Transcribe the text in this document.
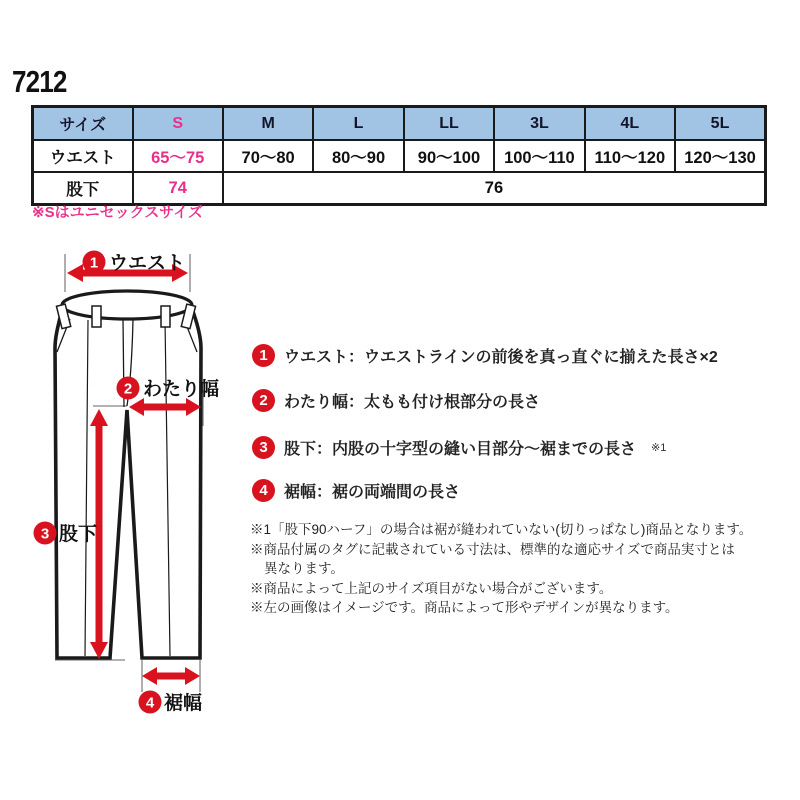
7212
サイズ	S	M	L	LL	3L	4L	5L
ウエスト	65〜75	70〜80	80〜90	90〜100	100〜110	110〜120	120〜130
股下	74	76					
※Sはユニセックスサイズ
1 ウエスト
2 わたり幅
3 股下
4 裾幅
1	ウエスト：ウエストラインの前後を真っ直ぐに揃えた長さ×2
2	わたり幅：太もも付け根部分の長さ
3	股下：内股の十字型の縫い目部分〜裾までの長さ ※1
4	裾幅：裾の両端間の長さ
※1「股下90ハーフ」の場合は裾が縫われていない(切りっぱなし)商品となります。
※商品付属のタグに記載されている寸法は、標準的な適応サイズで商品実寸とは
異なります。
※商品によって上記のサイズ項目がない場合がございます。
※左の画像はイメージです。商品によって形やデザインが異なります。
